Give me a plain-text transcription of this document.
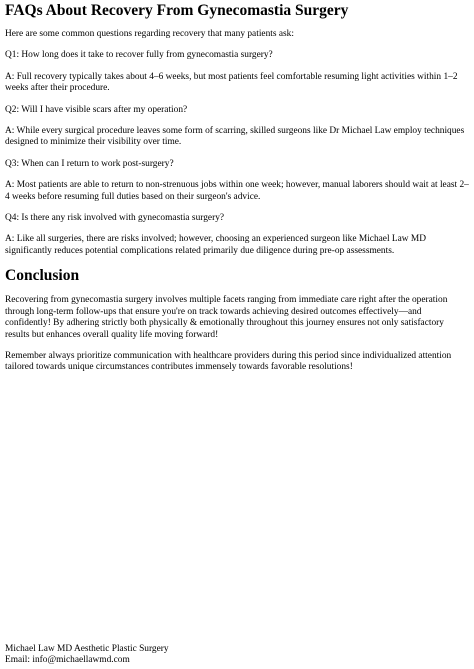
FAQs About Recovery From Gynecomastia Surgery

Here are some common questions regarding recovery that many patients ask:

Q1: How long does it take to recover fully from gynecomastia surgery?

A: Full recovery typically takes about 4–6 weeks, but most patients feel comfortable resuming light activities within 1–2 weeks after their procedure.

Q2: Will I have visible scars after my operation?

A: While every surgical procedure leaves some form of scarring, skilled surgeons like Dr Michael Law employ techniques designed to minimize their visibility over time.

Q3: When can I return to work post-surgery?

A: Most patients are able to return to non-strenuous jobs within one week; however, manual laborers should wait at least 2–4 weeks before resuming full duties based on their surgeon's advice.

Q4: Is there any risk involved with gynecomastia surgery?

A: Like all surgeries, there are risks involved; however, choosing an experienced surgeon like Michael Law MD significantly reduces potential complications related primarily due diligence during pre-op assessments.

Conclusion

Recovering from gynecomastia surgery involves multiple facets ranging from immediate care right after the operation through long-term follow-ups that ensure you're on track towards achieving desired outcomes effectively—and confidently! By adhering strictly both physically & emotionally throughout this journey ensures not only satisfactory results but enhances overall quality life moving forward!

Remember always prioritize communication with healthcare providers during this period since individualized attention tailored towards unique circumstances contributes immensely towards favorable resolutions!

Michael Law MD Aesthetic Plastic Surgery
Email: info@michaellawmd.com
